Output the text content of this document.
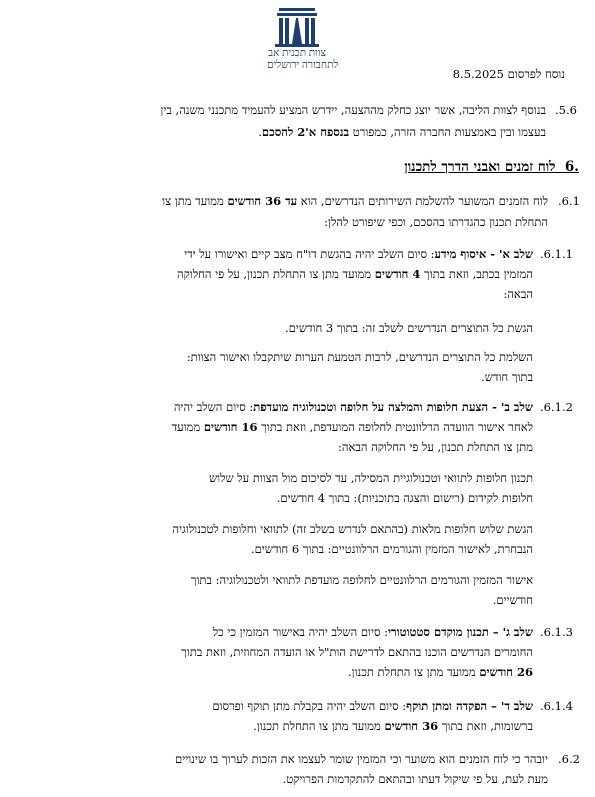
צוות תכנית אב
לתחבורה ירושלים
נוסח לפרסום 8.5.2025
.5.6
בנוסף לצוות הליבה, אשר יוצג כחלק מההצעה, יידרש המציע להעמיד מתכנני משנה, בין
בעצמו ובין באמצעות החברה הזרה, כמפורט בנספח א'2 להסכם.
.6  לוח זמנים ואבני הדרך לתכנון
.6.1
לוח הזמנים המשוער להשלמת השירותים הנדרשים, הוא עד 36 חודשים ממועד מתן צו
התחלת תכנון כהגדרתו בהסכם, וכפי שיפורט להלן:
.6.1.1
שלב א' - איסוף מידע: סיום השלב יהיה בהגשת דו"ח מצב קיים ואישורו על ידי
המזמין בכתב, וזאת בתוך 4 חודשים ממועד מתן צו התחלת תכנון, על פי החלוקה
הבאה:
הגשת כל התוצרים הנדרשים לשלב זה: בתוך 3 חודשים.
השלמת כל התוצרים הנדרשים, לרבות הטמעת הערות שיתקבלו ואישור הצוות:
בתוך חודש.
.6.1.2
שלב ב' - הצעת חלופות והמלצה על חלופה וטכנולוגיה מועדפת: סיום השלב יהיה
לאחר אישור הוועדה הרלוונטית לחלופה המועדפת, וזאת בתוך 16 חודשים ממועד
מתן צו התחלת תכנון, על פי החלוקה הבאה:
תכנון חלופות לתוואי וטכנולוגיית המסילה, עד לסיכום מול הצוות על שלוש
חלופות לקידום (רישום והצגה בתוכניות): בתוך 4 חודשים.
הגשת שלוש חלופות מלאות (בהתאם לנדרש בשלב זה) לתוואי וחלופות לטכנולוגיה
הנבחרת, לאישור המזמין והגורמים הרלוונטיים: בתוך 6 חודשים.
אישור המזמין והגורמים הרלוונטיים לחלופה מועדפת לתוואי ולטכנולוגיה: בתוך
חודשיים.
.6.1.3
שלב ג' – תכנון מוקדם סטטוטורי: סיום השלב יהיה באישור המזמין כי כל
החומרים הנדרשים הוכנו בהתאם לדרישת הות"ל או הועדה המחוזית, וזאת בתוך
26 חודשים ממועד מתן צו התחלת תכנון.
.6.1.4
שלב ד' – הפקדה ומתן תוקף: סיום השלב יהיה בקבלת מתן תוקף ופרסום
ברשומות, וזאת בתוך 36 חודשים ממועד מתן צו התחלת תכנון.
.6.2
יובהר כי לוח הזמנים הוא משוער וכי המזמין שומר לעצמו את הזכות לערוך בו שינויים
מעת לעת, על פי שיקול דעתו ובהתאם להתקדמות הפרויקט.
